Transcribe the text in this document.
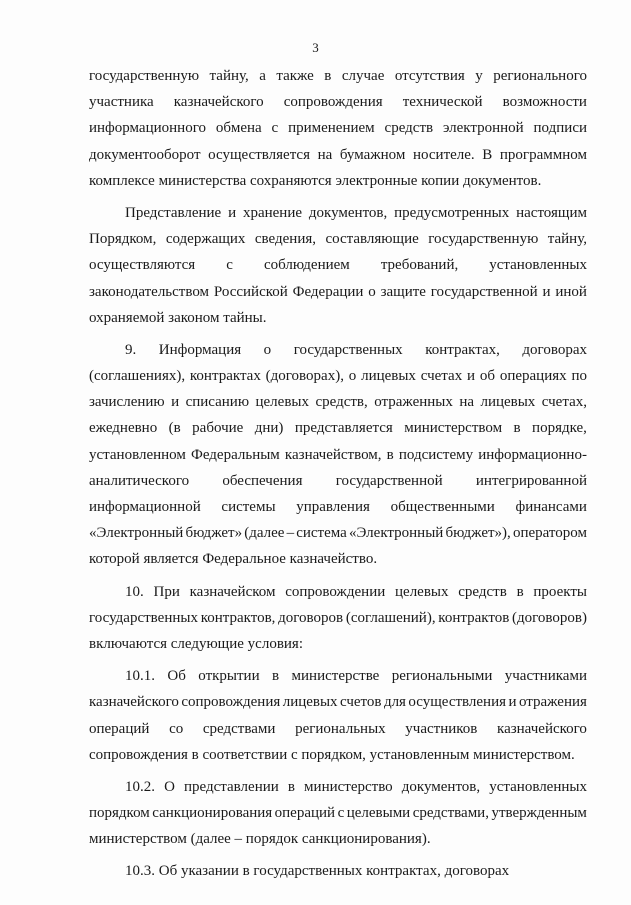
3
государственную тайну, а также в случае отсутствия у регионального
участника казначейского сопровождения технической возможности
информационного обмена с применением средств электронной подписи
документооборот осуществляется на бумажном носителе. В программном
комплексе министерства сохраняются электронные копии документов.
Представление и хранение документов, предусмотренных настоящим
Порядком, содержащих сведения, составляющие государственную тайну,
осуществляются с соблюдением требований, установленных
законодательством Российской Федерации о защите государственной и иной
охраняемой законом тайны.
9. Информация о государственных контрактах, договорах
(соглашениях), контрактах (договорах), о лицевых счетах и об операциях по
зачислению и списанию целевых средств, отраженных на лицевых счетах,
ежедневно (в рабочие дни) представляется министерством в порядке,
установленном Федеральным казначейством, в подсистему информационно-
аналитического обеспечения государственной интегрированной
информационной системы управления общественными финансами
«Электронный бюджет» (далее – система «Электронный бюджет»), оператором
которой является Федеральное казначейство.
10. При казначейском сопровождении целевых средств в проекты
государственных контрактов, договоров (соглашений), контрактов (договоров)
включаются следующие условия:
10.1. Об открытии в министерстве региональными участниками
казначейского сопровождения лицевых счетов для осуществления и отражения
операций со средствами региональных участников казначейского
сопровождения в соответствии с порядком, установленным министерством.
10.2. О представлении в министерство документов, установленных
порядком санкционирования операций с целевыми средствами, утвержденным
министерством (далее – порядок санкционирования).
10.3. Об указании в государственных контрактах, договорах
